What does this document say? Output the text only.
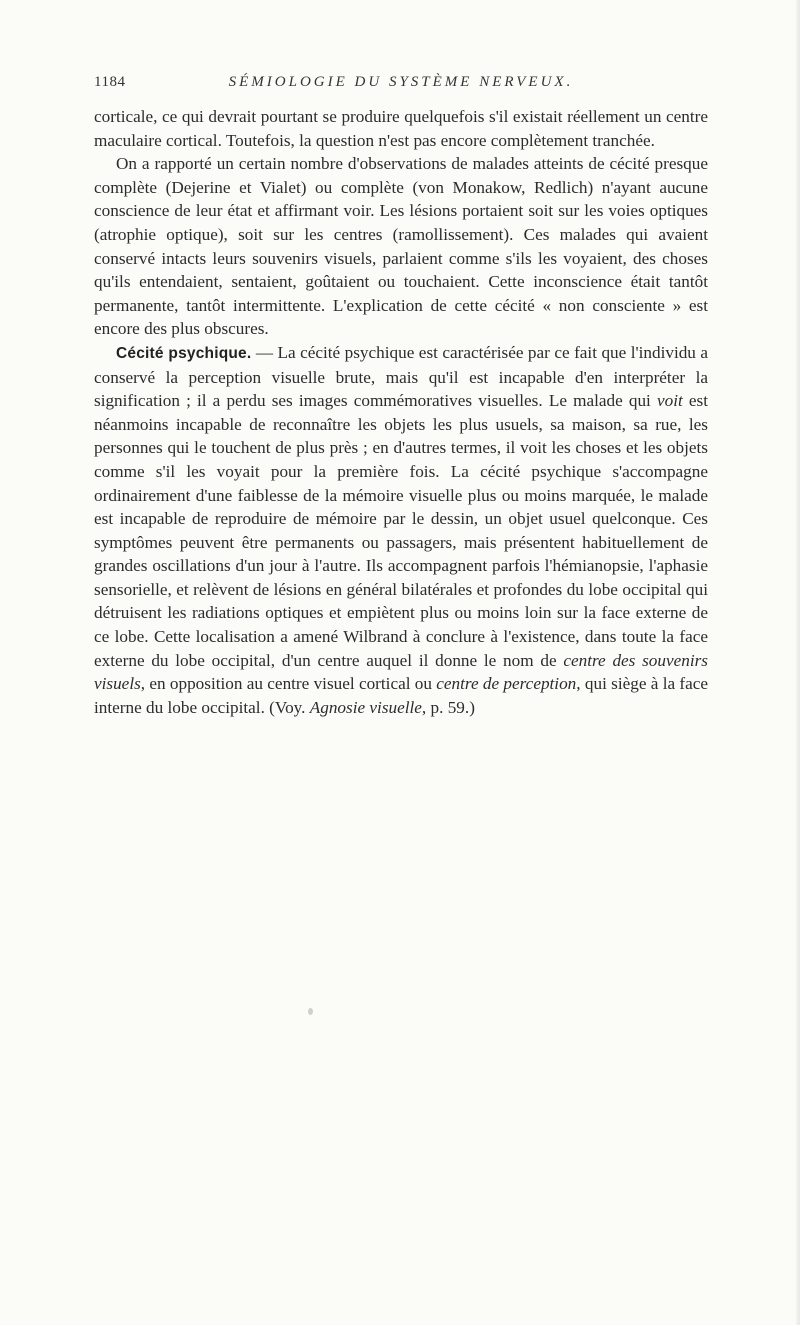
1184	SÉMIOLOGIE DU SYSTÈME NERVEUX.

corticale, ce qui devrait pourtant se produire quelquefois s'il existait réellement un centre maculaire cortical. Toutefois, la question n'est pas encore complètement tranchée.

On a rapporté un certain nombre d'observations de malades atteints de cécité presque complète (Dejerine et Vialet) ou complète (von Monakow, Redlich) n'ayant aucune conscience de leur état et affirmant voir. Les lésions portaient soit sur les voies optiques (atrophie optique), soit sur les centres (ramollissement). Ces malades qui avaient conservé intacts leurs souvenirs visuels, parlaient comme s'ils les voyaient, des choses qu'ils entendaient, sentaient, goûtaient ou touchaient. Cette inconscience était tantôt permanente, tantôt intermittente. L'explication de cette cécité « non consciente » est encore des plus obscures.

Cécité psychique. — La cécité psychique est caractérisée par ce fait que l'individu a conservé la perception visuelle brute, mais qu'il est incapable d'en interpréter la signification ; il a perdu ses images commémoratives visuelles. Le malade qui voit est néanmoins incapable de reconnaître les objets les plus usuels, sa maison, sa rue, les personnes qui le touchent de plus près ; en d'autres termes, il voit les choses et les objets comme s'il les voyait pour la première fois. La cécité psychique s'accompagne ordinairement d'une faiblesse de la mémoire visuelle plus ou moins marquée, le malade est incapable de reproduire de mémoire par le dessin, un objet usuel quelconque. Ces symptômes peuvent être permanents ou passagers, mais présentent habituellement de grandes oscillations d'un jour à l'autre. Ils accompagnent parfois l'hémianopsie, l'aphasie sensorielle, et relèvent de lésions en général bilatérales et profondes du lobe occipital qui détruisent les radiations optiques et empiètent plus ou moins loin sur la face externe de ce lobe. Cette localisation a amené Wilbrand à conclure à l'existence, dans toute la face externe du lobe occipital, d'un centre auquel il donne le nom de centre des souvenirs visuels, en opposition au centre visuel cortical ou centre de perception, qui siège à la face interne du lobe occipital. (Voy. Agnosie visuelle, p. 59.)
